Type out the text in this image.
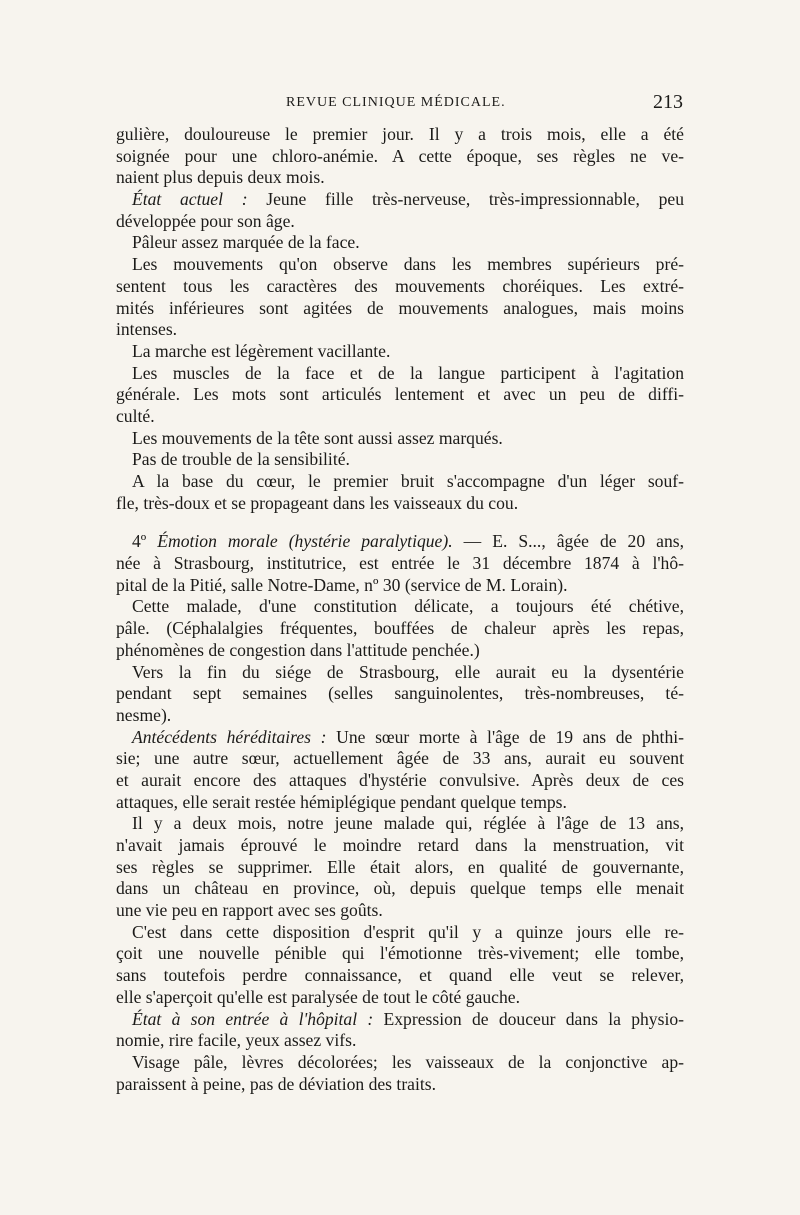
REVUE CLINIQUE MÉDICALE.	213
gulière, douloureuse le premier jour. Il y a trois mois, elle a été
soignée pour une chloro-anémie. A cette époque, ses règles ne ve-
naient plus depuis deux mois.
État actuel : Jeune fille très-nerveuse, très-impressionnable, peu
développée pour son âge.
Pâleur assez marquée de la face.
Les mouvements qu'on observe dans les membres supérieurs pré-
sentent tous les caractères des mouvements choréiques. Les extré-
mités inférieures sont agitées de mouvements analogues, mais moins
intenses.
La marche est légèrement vacillante.
Les muscles de la face et de la langue participent à l'agitation
générale. Les mots sont articulés lentement et avec un peu de diffi-
culté.
Les mouvements de la tête sont aussi assez marqués.
Pas de trouble de la sensibilité.
A la base du cœur, le premier bruit s'accompagne d'un léger souf-
fle, très-doux et se propageant dans les vaisseaux du cou.
4º Émotion morale (hystérie paralytique). — E. S..., âgée de 20 ans,
née à Strasbourg, institutrice, est entrée le 31 décembre 1874 à l'hô-
pital de la Pitié, salle Notre-Dame, nº 30 (service de M. Lorain).
Cette malade, d'une constitution délicate, a toujours été chétive,
pâle. (Céphalalgies fréquentes, bouffées de chaleur après les repas,
phénomènes de congestion dans l'attitude penchée.)
Vers la fin du siége de Strasbourg, elle aurait eu la dysentérie
pendant sept semaines (selles sanguinolentes, très-nombreuses, té-
nesme).
Antécédents héréditaires : Une sœur morte à l'âge de 19 ans de phthi-
sie; une autre sœur, actuellement âgée de 33 ans, aurait eu souvent
et aurait encore des attaques d'hystérie convulsive. Après deux de ces
attaques, elle serait restée hémiplégique pendant quelque temps.
Il y a deux mois, notre jeune malade qui, réglée à l'âge de 13 ans,
n'avait jamais éprouvé le moindre retard dans la menstruation, vit
ses règles se supprimer. Elle était alors, en qualité de gouvernante,
dans un château en province, où, depuis quelque temps elle menait
une vie peu en rapport avec ses goûts.
C'est dans cette disposition d'esprit qu'il y a quinze jours elle re-
çoit une nouvelle pénible qui l'émotionne très-vivement; elle tombe,
sans toutefois perdre connaissance, et quand elle veut se relever,
elle s'aperçoit qu'elle est paralysée de tout le côté gauche.
État à son entrée à l'hôpital : Expression de douceur dans la physio-
nomie, rire facile, yeux assez vifs.
Visage pâle, lèvres décolorées; les vaisseaux de la conjonctive ap-
paraissent à peine, pas de déviation des traits.
